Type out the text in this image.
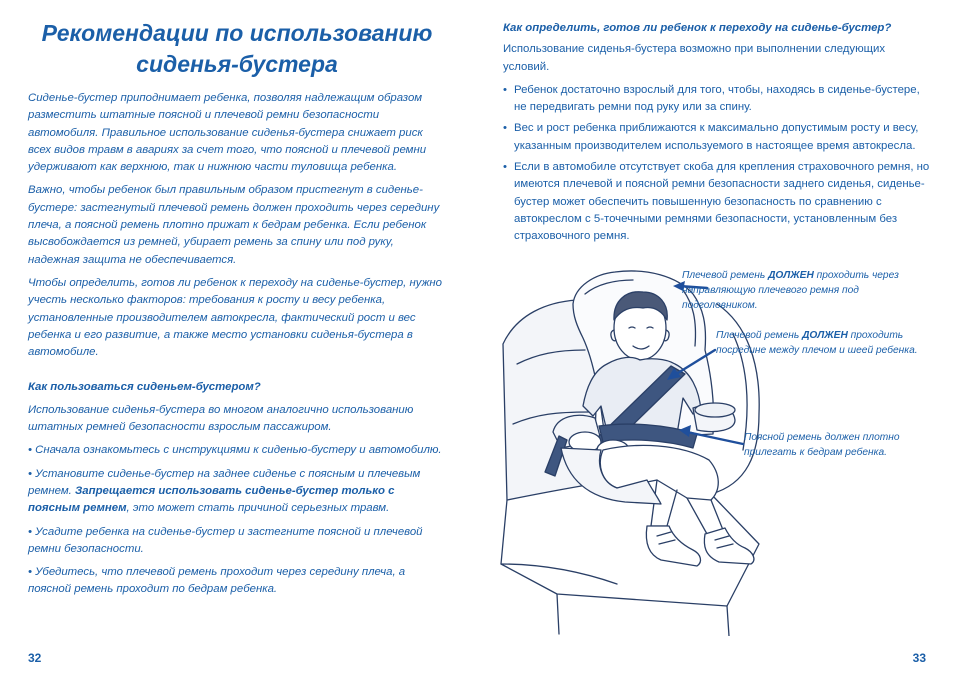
Рекомендации по использованию сиденья-бустера

Сиденье-бустер приподнимает ребенка, позволяя надлежащим образом разместить штатные поясной и плечевой ремни безопасности автомобиля. Правильное использование сиденья-бустера снижает риск всех видов травм в авариях за счет того, что поясной и плечевой ремни удерживают как верхнюю, так и нижнюю части туловища ребенка.

Важно, чтобы ребенок был правильным образом пристегнут в сиденье-бустере: застегнутый плечевой ремень должен проходить через середину плеча, а поясной ремень плотно прижат к бедрам ребенка. Если ребенок высвобождается из ремней, убирает ремень за спину или под руку, надежная защита не обеспечивается.

Чтобы определить, готов ли ребенок к переходу на сиденье-бустер, нужно учесть несколько факторов: требования к росту и весу ребенка, установленные производителем автокресла, фактический рост и вес ребенка и его развитие, а также место установки сиденья-бустера в автомобиле.

Как пользоваться сиденьем-бустером?

Использование сиденья-бустера во многом аналогично использованию штатных ремней безопасности взрослым пассажиром.

• Сначала ознакомьтесь с инструкциями к сиденью-бустеру и автомобилю.

• Установите сиденье-бустер на заднее сиденье с поясным и плечевым ремнем. Запрещается использовать сиденье-бустер только с поясным ремнем, это может стать причиной серьезных травм.

• Усадите ребенка на сиденье-бустер и застегните поясной и плечевой ремни безопасности.

• Убедитесь, что плечевой ремень проходит через середину плеча, а поясной ремень проходит по бедрам ребенка.

32

Как определить, готов ли ребенок к переходу на сиденье-бустер?

Использование сиденья-бустера возможно при выполнении следующих условий.

• Ребенок достаточно взрослый для того, чтобы, находясь в сиденье-бустере, не передвигать ремни под руку или за спину.
• Вес и рост ребенка приближаются к максимально допустимым росту и весу, указанным производителем используемого в настоящее время автокресла.
• Если в автомобиле отсутствует скоба для крепления страховочного ремня, но имеются плечевой и поясной ремни безопасности заднего сиденья, сиденье-бустер может обеспечить повышенную безопасность по сравнению с автокреслом с 5-точечными ремнями безопасности, установленным без страховочного ремня.
Плечевой ремень ДОЛЖЕН проходить через направляющую плечевого ремня под подголовником.
Плечевой ремень ДОЛЖЕН проходить посредине между плечом и шеей ребенка.
Поясной ремень должен плотно прилегать к бедрам ребенка.
33
